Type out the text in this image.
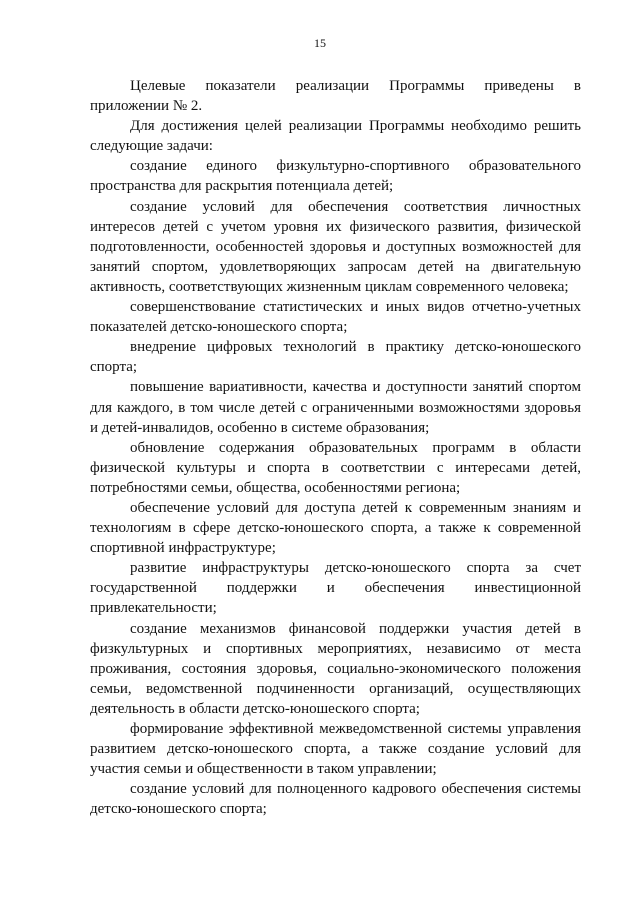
15

Целевые показатели реализации Программы приведены в приложении № 2.

Для достижения целей реализации Программы необходимо решить следующие задачи:

создание единого физкультурно-спортивного образовательного пространства для раскрытия потенциала детей;

создание условий для обеспечения соответствия личностных интересов детей с учетом уровня их физического развития, физической подготовленности, особенностей здоровья и доступных возможностей для занятий спортом, удовлетворяющих запросам детей на двигательную активность, соответствующих жизненным циклам современного человека;

совершенствование статистических и иных видов отчетно-учетных показателей детско-юношеского спорта;

внедрение цифровых технологий в практику детско-юношеского спорта;

повышение вариативности, качества и доступности занятий спортом для каждого, в том числе детей с ограниченными возможностями здоровья и детей-инвалидов, особенно в системе образования;

обновление содержания образовательных программ в области физической культуры и спорта в соответствии с интересами детей, потребностями семьи, общества, особенностями региона;

обеспечение условий для доступа детей к современным знаниям и технологиям в сфере детско-юношеского спорта, а также к современной спортивной инфраструктуре;

развитие инфраструктуры детско-юношеского спорта за счет государственной поддержки и обеспечения инвестиционной привлекательности;

создание механизмов финансовой поддержки участия детей в физкультурных и спортивных мероприятиях, независимо от места проживания, состояния здоровья, социально-экономического положения семьи, ведомственной подчиненности организаций, осуществляющих деятельность в области детско-юношеского спорта;

формирование эффективной межведомственной системы управления развитием детско-юношеского спорта, а также создание условий для участия семьи и общественности в таком управлении;

создание условий для полноценного кадрового обеспечения системы детско-юношеского спорта;
